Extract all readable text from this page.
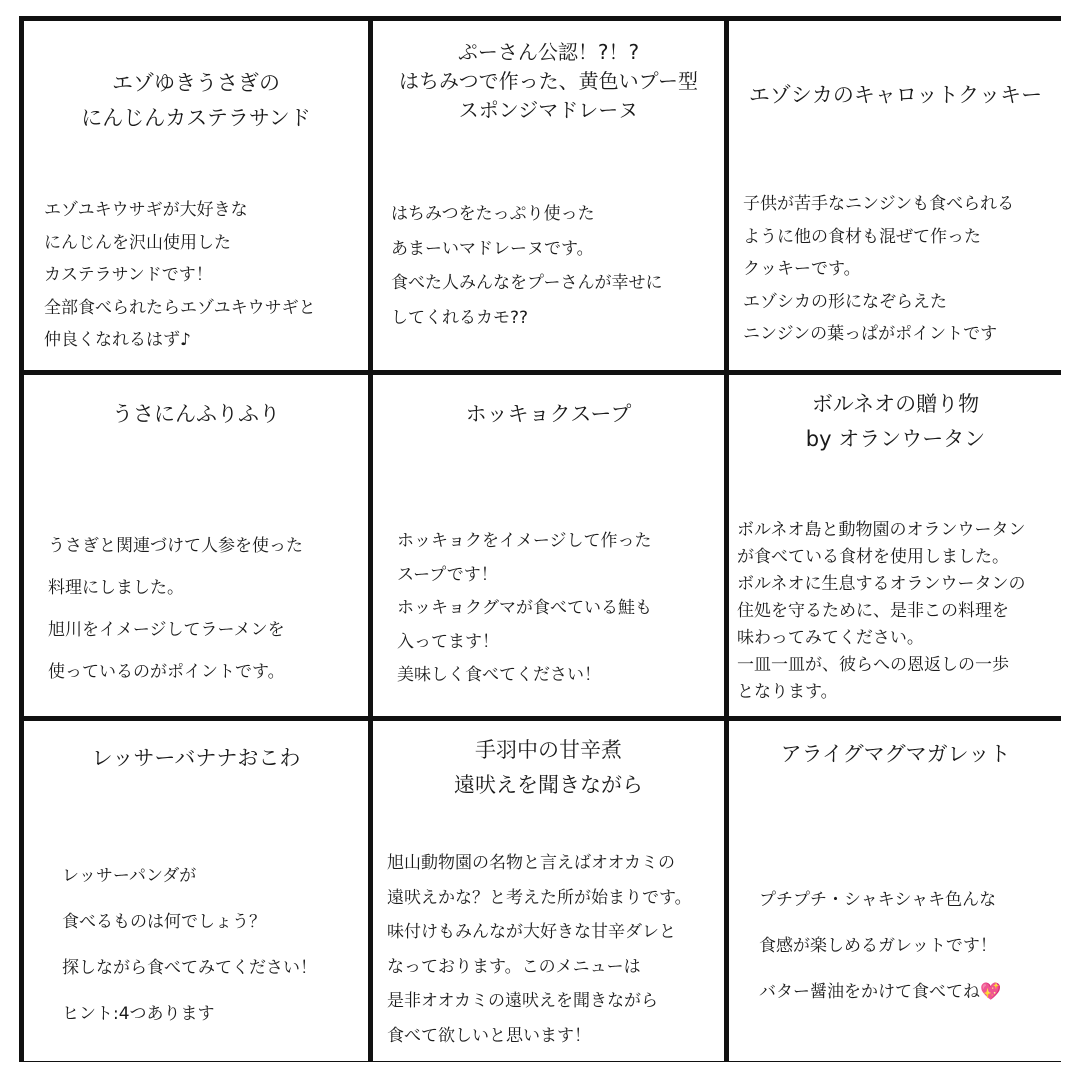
エゾゆきうさぎの
にんじんカステラサンド
エゾユキウサギが大好きな
にんじんを沢山使用した
カステラサンドです！
全部食べられたらエゾユキウサギと
仲良くなれるはず♪
ぷーさん公認！?！?
はちみつで作った、黄色いプー型
スポンジマドレーヌ
はちみつをたっぷり使った
あまーいマドレーヌです。
食べた人みんなをプーさんが幸せに
してくれるカモ??
エゾシカのキャロットクッキー
子供が苦手なニンジンも食べられる
ように他の食材も混ぜて作った
クッキーです。
エゾシカの形になぞらえた
ニンジンの葉っぱがポイントです
うさにんふりふり
うさぎと関連づけて人参を使った
料理にしました。
旭川をイメージしてラーメンを
使っているのがポイントです。
ホッキョクスープ
ホッキョクをイメージして作った
スープです！
ホッキョクグマが食べている鮭も
入ってます！
美味しく食べてください！
ボルネオの贈り物
by オランウータン
ボルネオ島と動物園のオランウータン
が食べている食材を使用しました。
ボルネオに生息するオランウータンの
住処を守るために、是非この料理を
味わってみてください。
一皿一皿が、彼らへの恩返しの一歩
となります。
レッサーバナナおこわ
レッサーパンダが
食べるものは何でしょう？
探しながら食べてみてください！
ヒント:4つあります
手羽中の甘辛煮
遠吠えを聞きながら
旭山動物園の名物と言えばオオカミの
遠吠えかな？と考えた所が始まりです。
味付けもみんなが大好きな甘辛ダレと
なっております。このメニューは
是非オオカミの遠吠えを聞きながら
食べて欲しいと思います！
アライグマグマガレット
プチプチ・シャキシャキ色んな
食感が楽しめるガレットです！
バター醤油をかけて食べてね💖
